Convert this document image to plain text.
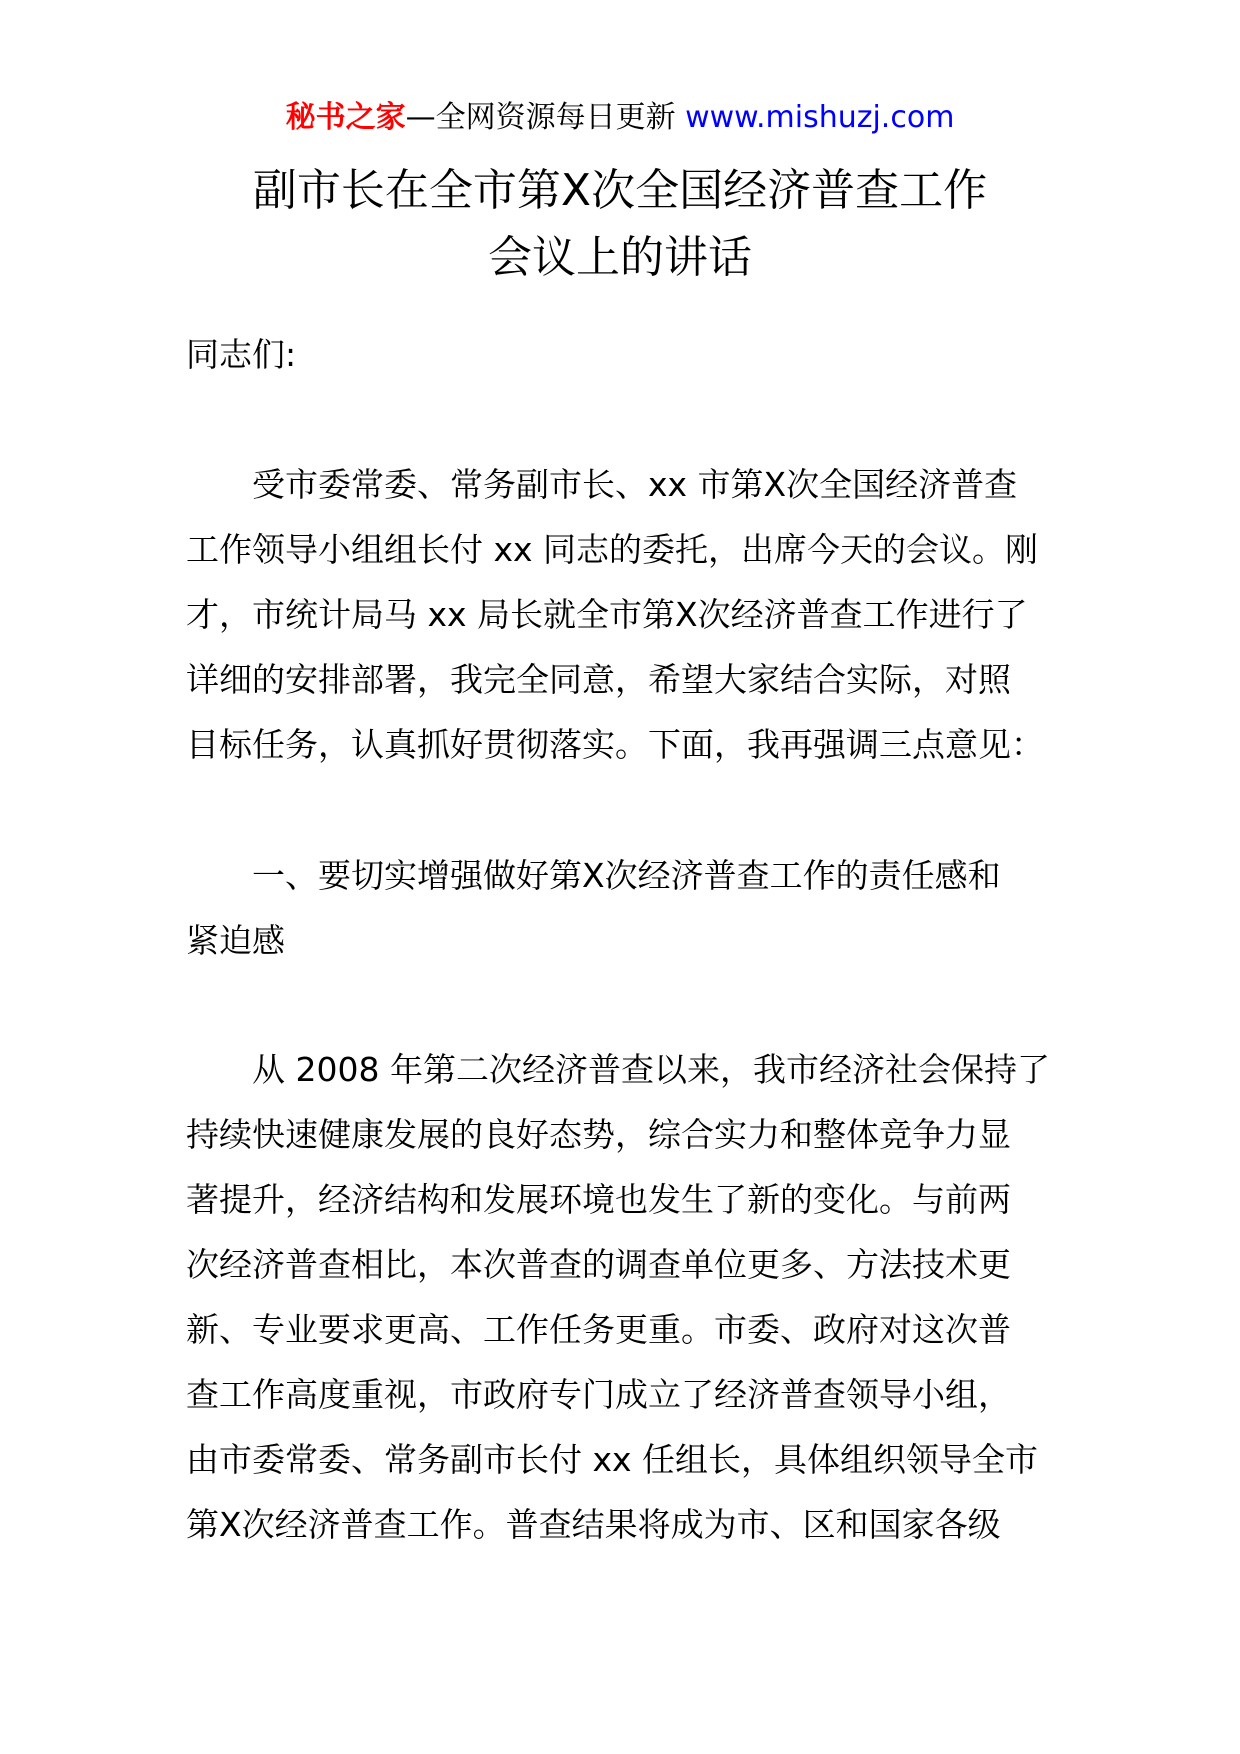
秘书之家—全网资源每日更新 www.mishuzj.com
副市长在全市第Ⅹ次全国经济普查工作
会议上的讲话
同志们:
受市委常委、常务副市长、xx 市第Ⅹ次全国经济普查
工作领导小组组长付 xx 同志的委托，出席今天的会议。刚
才，市统计局马 xx 局长就全市第Ⅹ次经济普查工作进行了
详细的安排部署，我完全同意，希望大家结合实际，对照
目标任务，认真抓好贯彻落实。下面，我再强调三点意见：
一、要切实增强做好第Ⅹ次经济普查工作的责任感和
紧迫感
从 2008 年第二次经济普查以来，我市经济社会保持了
持续快速健康发展的良好态势，综合实力和整体竞争力显
著提升，经济结构和发展环境也发生了新的变化。与前两
次经济普查相比，本次普查的调查单位更多、方法技术更
新、专业要求更高、工作任务更重。市委、政府对这次普
查工作高度重视，市政府专门成立了经济普查领导小组，
由市委常委、常务副市长付 xx 任组长，具体组织领导全市
第Ⅹ次经济普查工作。普查结果将成为市、区和国家各级
